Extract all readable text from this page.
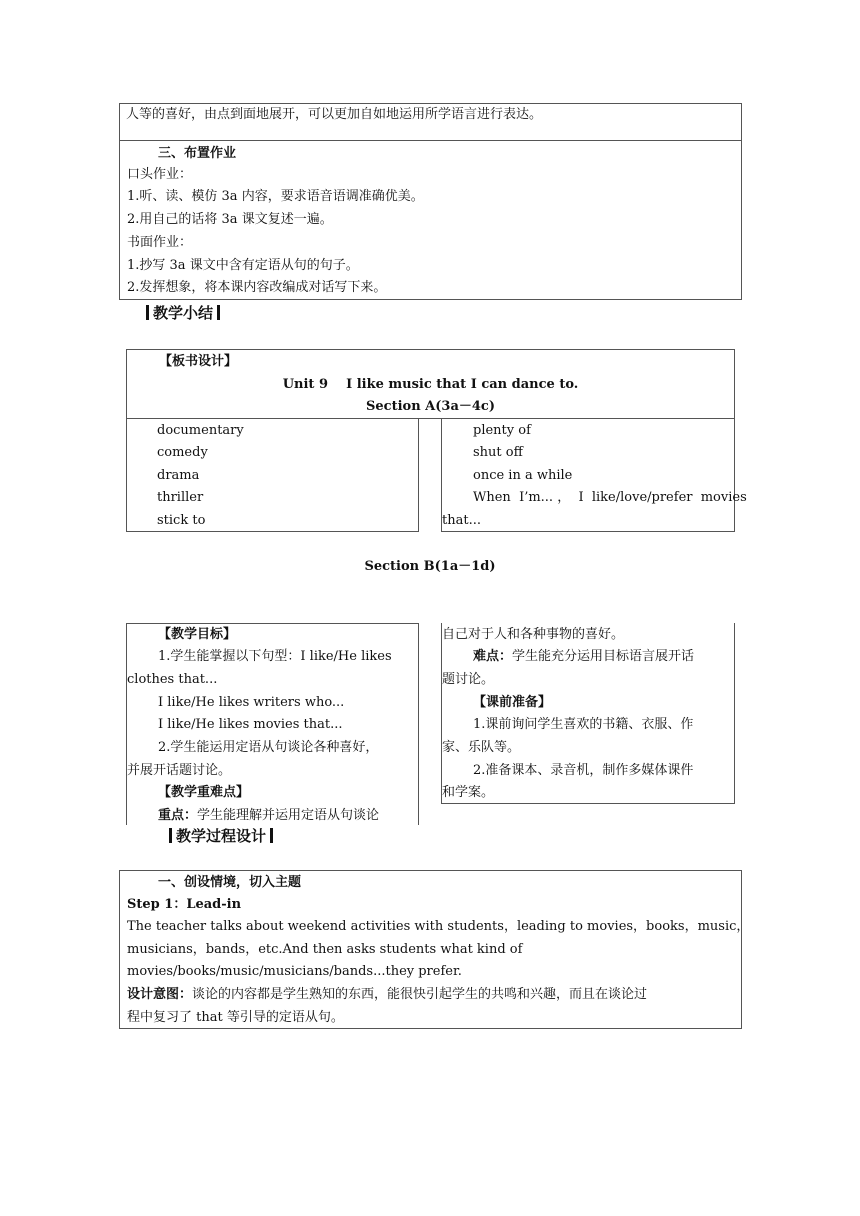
人等的喜好，由点到面地展开，可以更加自如地运用所学语言进行表达。
三、布置作业
口头作业：
1.听、读、模仿 3a 内容，要求语音语调准确优美。
2.用自己的话将 3a 课文复述一遍。
书面作业：
1.抄写 3a 课文中含有定语从句的句子。
2.发挥想象，将本课内容改编成对话写下来。
教学小结
【板书设计】
Unit 9    I like music that I can dance to.
Section A(3a－4c)
documentary
comedy
drama
thriller
stick to
plenty of
shut off
once in a while
When  I’m... ，  I  like/love/prefer  movies
that...
Section B(1a－1d)
【教学目标】
1.学生能掌握以下句型：I like/He likes
clothes that...
I like/He likes writers who...
I like/He likes movies that...
2.学生能运用定语从句谈论各种喜好，
并展开话题讨论。
【教学重难点】
重点：学生能理解并运用定语从句谈论
自己对于人和各种事物的喜好。
难点：学生能充分运用目标语言展开话
题讨论。
【课前准备】
1.课前询问学生喜欢的书籍、衣服、作
家、乐队等。
2.准备课本、录音机，制作多媒体课件
和学案。
教学过程设计
一、创设情境，切入主题
Step 1：Lead-in
The teacher talks about weekend activities with students，leading to movies，books，music，
musicians，bands，etc.And then asks students what kind of
movies/books/music/musicians/bands...they prefer.
设计意图：谈论的内容都是学生熟知的东西，能很快引起学生的共鸣和兴趣，而且在谈论过
程中复习了 that 等引导的定语从句。
